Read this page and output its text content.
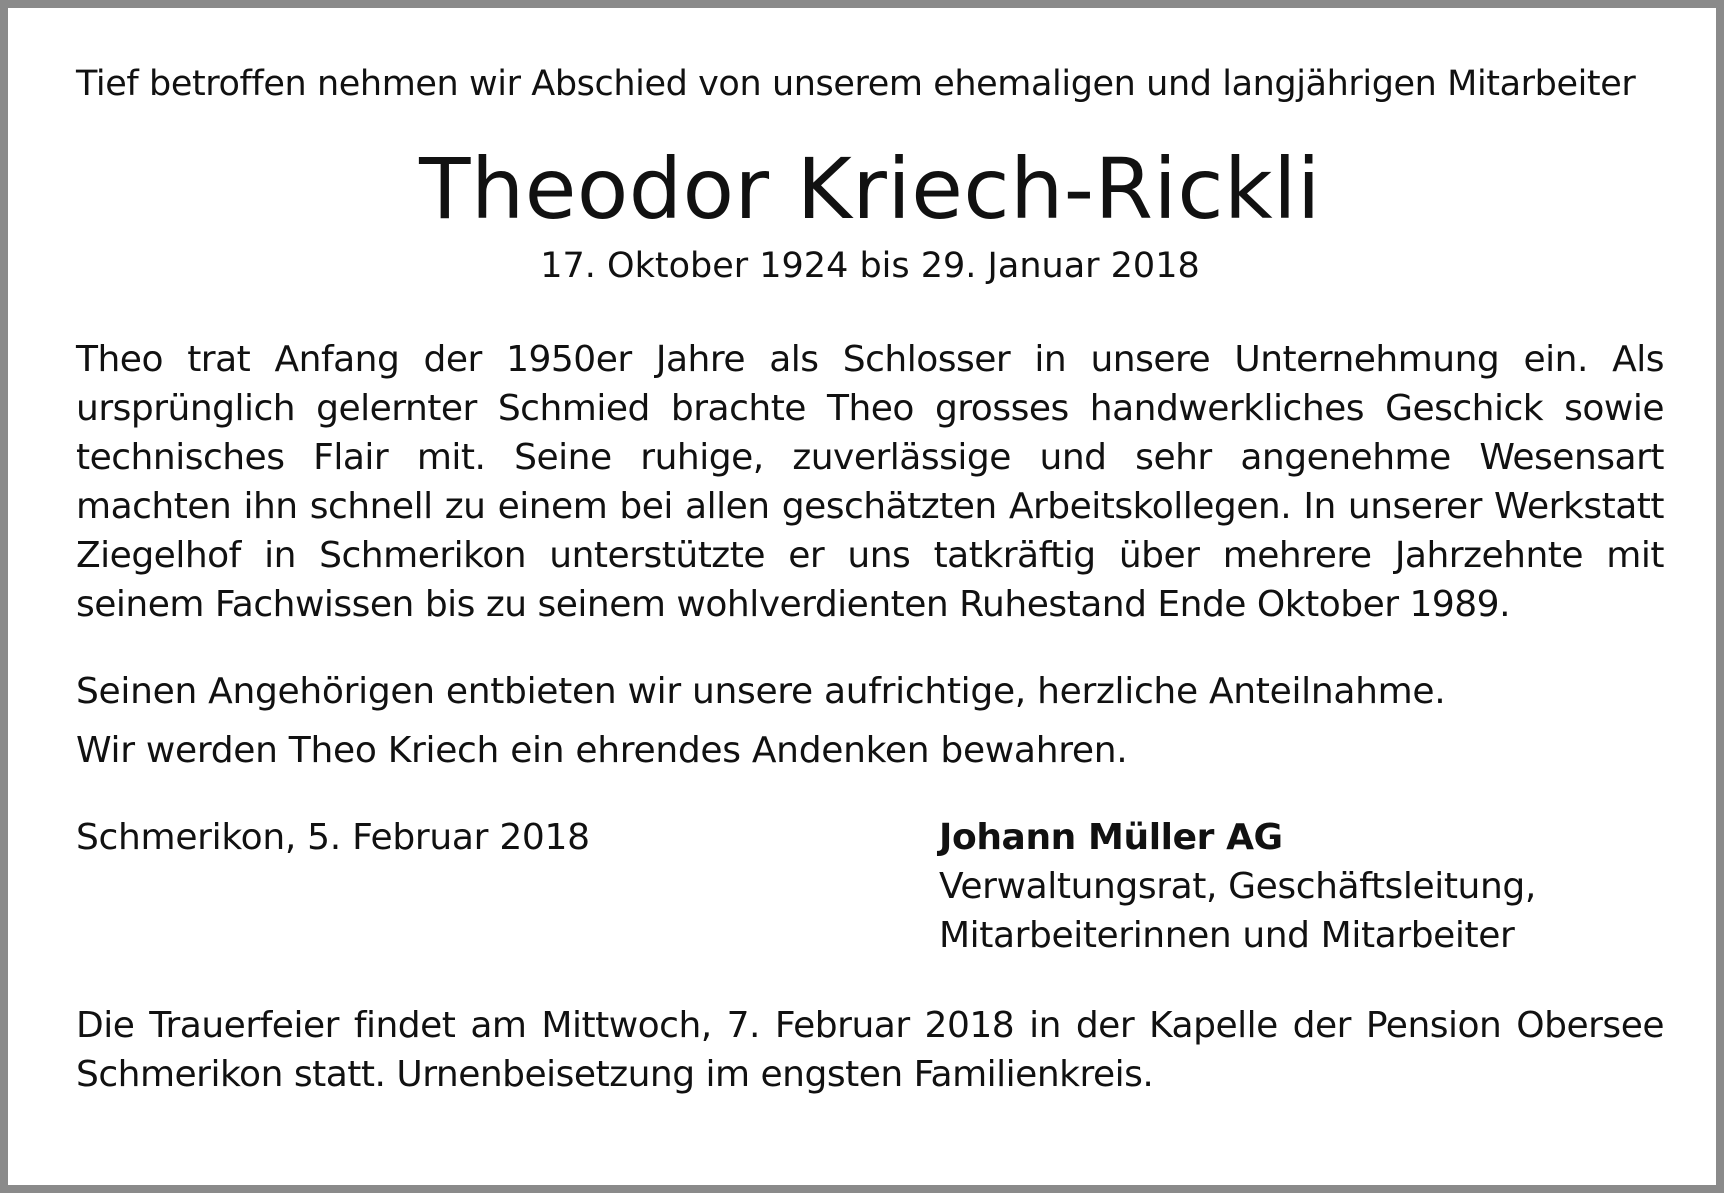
Tief betroffen nehmen wir Abschied von unserem ehemaligen und langjährigen Mitarbeiter

Theodor Kriech-Rickli

17. Oktober 1924 bis 29. Januar 2018

Theo trat Anfang der 1950er Jahre als Schlosser in unsere Unternehmung ein. Als ursprünglich gelernter Schmied brachte Theo grosses handwerkliches Geschick sowie technisches Flair mit. Seine ruhige, zuverlässige und sehr angenehme Wesensart machten ihn schnell zu einem bei allen geschätzten Arbeitskollegen. In unserer Werkstatt Ziegelhof in Schmerikon unterstützte er uns tatkräftig über mehrere Jahrzehnte mit seinem Fachwissen bis zu seinem wohlverdienten Ruhestand Ende Oktober 1989.

Seinen Angehörigen entbieten wir unsere aufrichtige, herzliche Anteilnahme.

Wir werden Theo Kriech ein ehrendes Andenken bewahren.

Schmerikon, 5. Februar 2018	Johann Müller AG
Verwaltungsrat, Geschäftsleitung,
Mitarbeiterinnen und Mitarbeiter

Die Trauerfeier findet am Mittwoch, 7. Februar 2018 in der Kapelle der Pension Obersee Schmerikon statt. Urnenbeisetzung im engsten Familienkreis.
